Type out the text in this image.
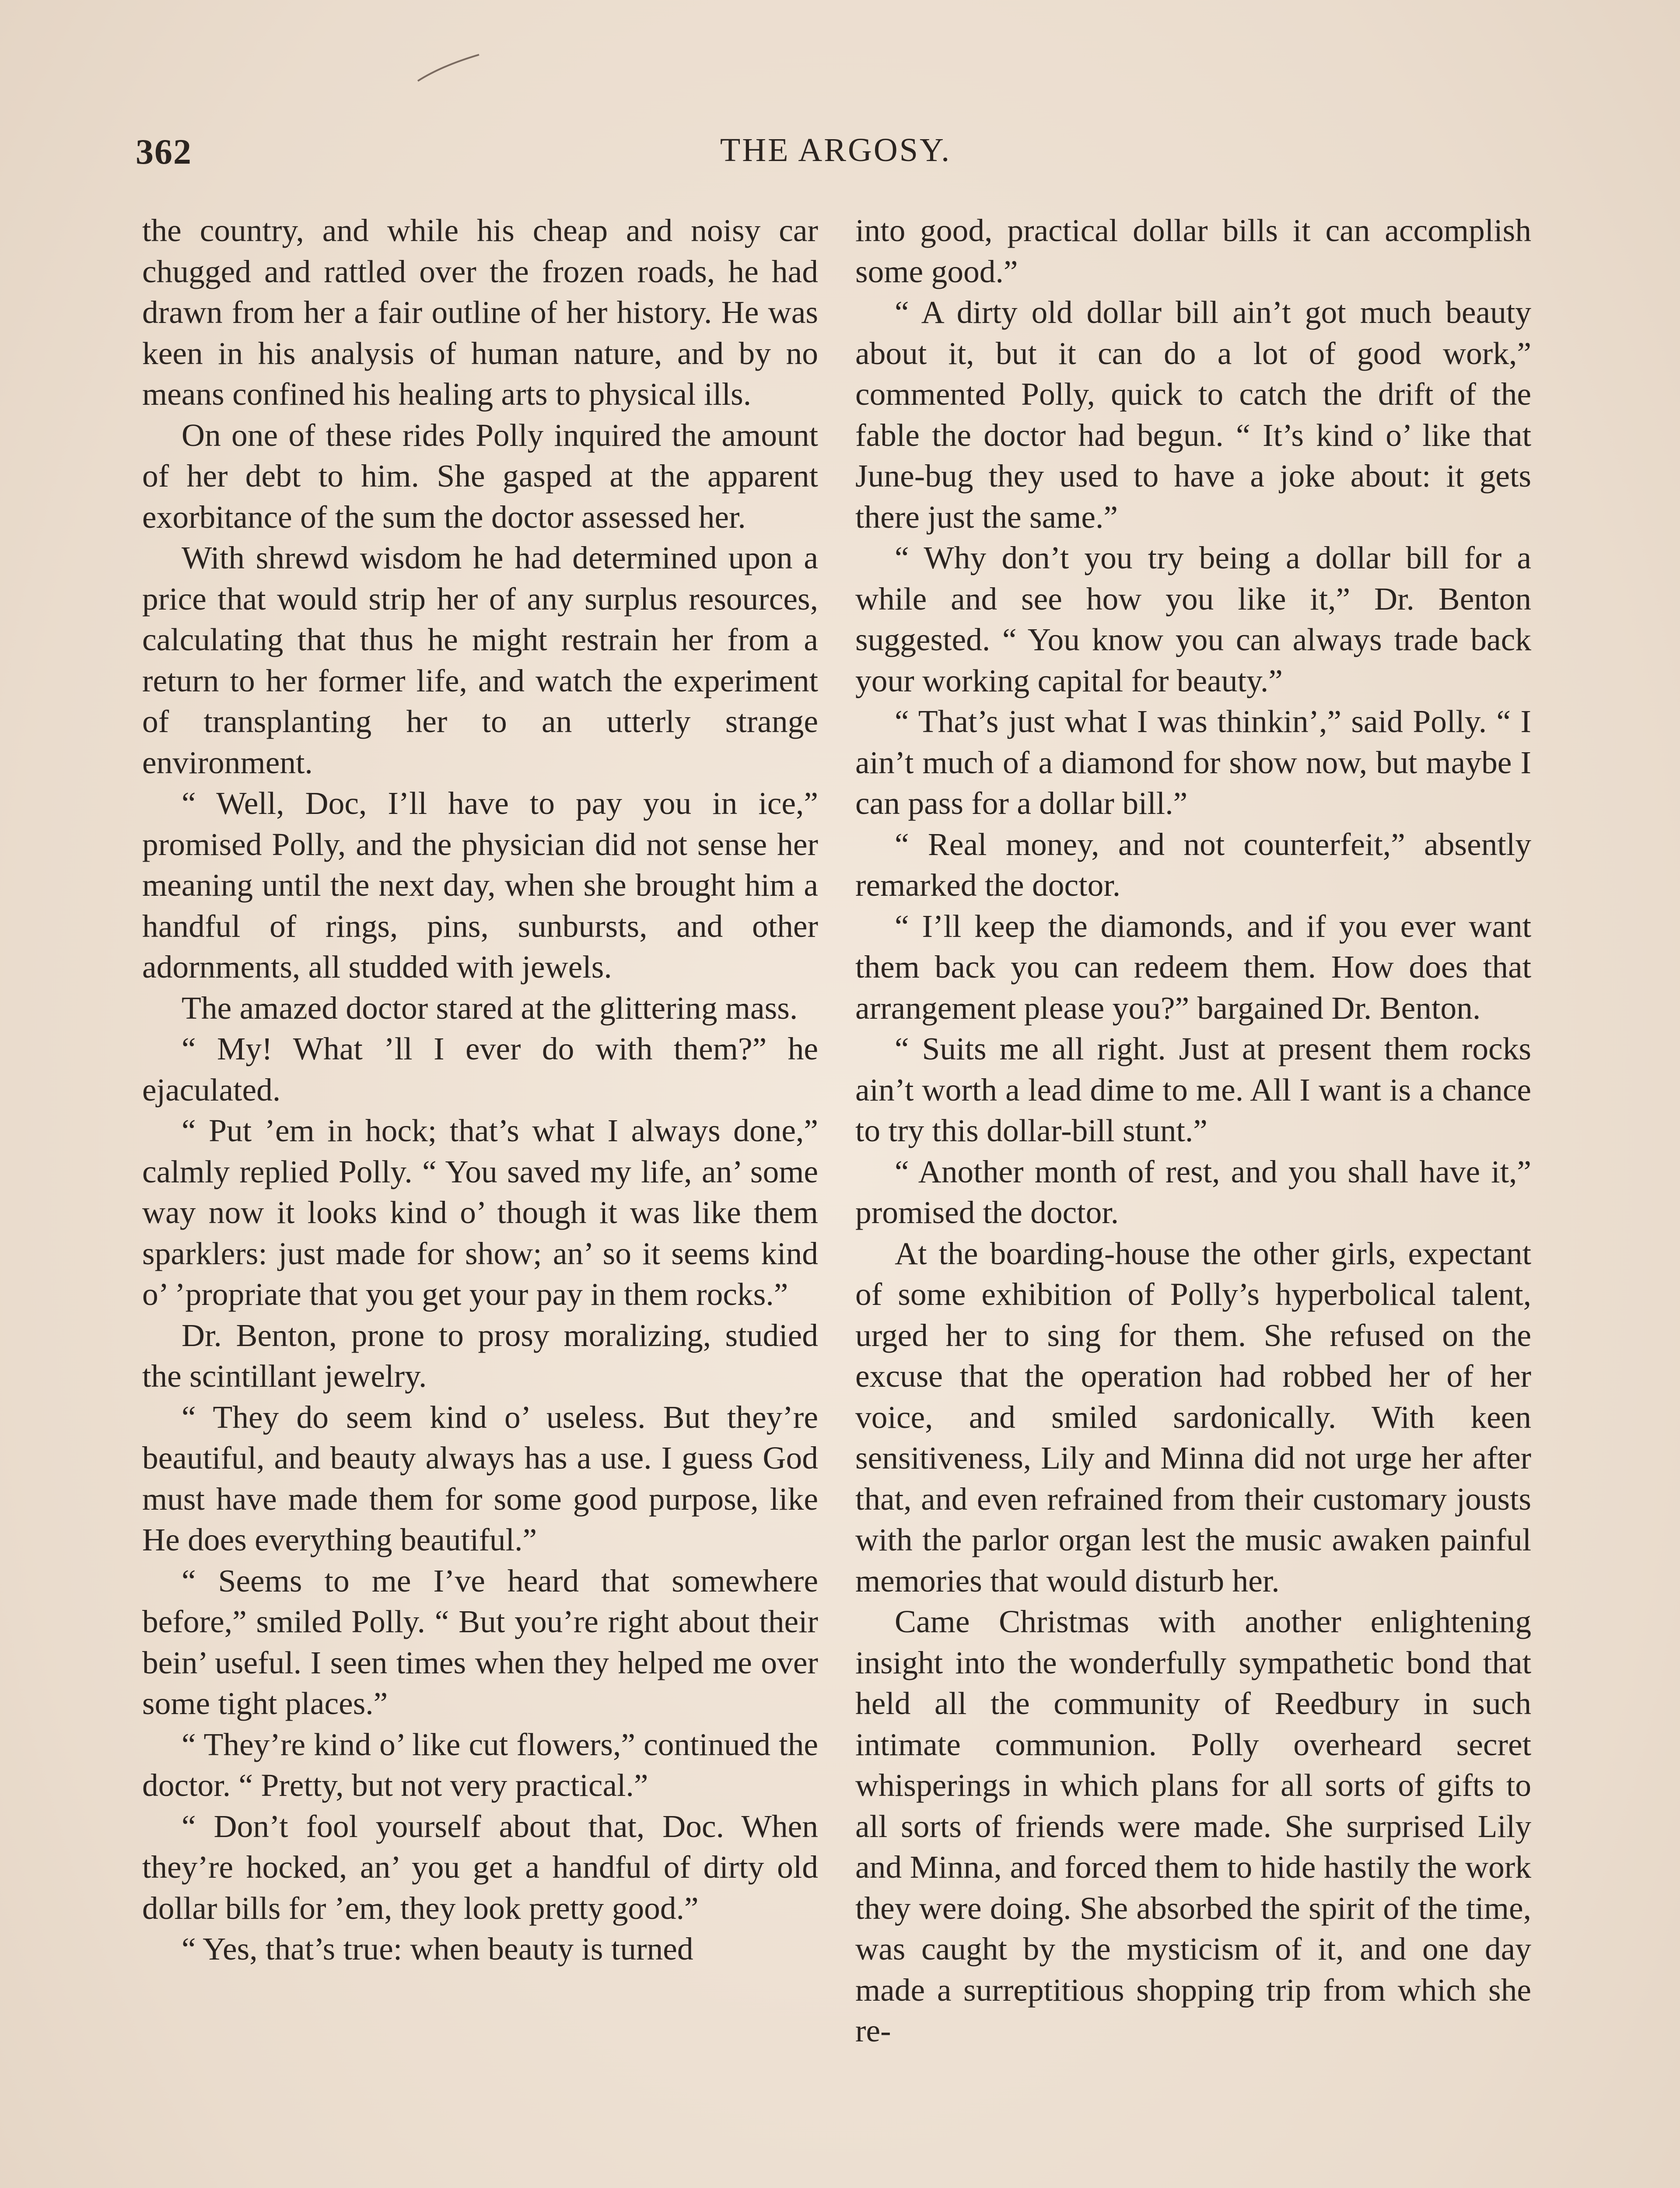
362	THE ARGOSY.

the country, and while his cheap and noisy car chugged and rattled over the frozen roads, he had drawn from her a fair outline of her history. He was keen in his analysis of human nature, and by no means confined his healing arts to physical ills.

On one of these rides Polly inquired the amount of her debt to him. She gasped at the apparent exorbitance of the sum the doctor assessed her.

With shrewd wisdom he had determined upon a price that would strip her of any surplus resources, calculating that thus he might restrain her from a return to her former life, and watch the experiment of transplanting her to an utterly strange environment.

“ Well, Doc, I’ll have to pay you in ice,” promised Polly, and the physician did not sense her meaning until the next day, when she brought him a handful of rings, pins, sunbursts, and other adornments, all studded with jewels.

The amazed doctor stared at the glittering mass.

“ My! What ’ll I ever do with them?” he ejaculated.

“ Put ’em in hock; that’s what I always done,” calmly replied Polly. “ You saved my life, an’ some way now it looks kind o’ though it was like them sparklers: just made for show; an’ so it seems kind o’ ’propriate that you get your pay in them rocks.”

Dr. Benton, prone to prosy moralizing, studied the scintillant jewelry.

“ They do seem kind o’ useless. But they’re beautiful, and beauty always has a use. I guess God must have made them for some good purpose, like He does everything beautiful.”

“ Seems to me I’ve heard that somewhere before,” smiled Polly. “ But you’re right about their bein’ useful. I seen times when they helped me over some tight places.”

“ They’re kind o’ like cut flowers,” continued the doctor. “ Pretty, but not very practical.”

“ Don’t fool yourself about that, Doc. When they’re hocked, an’ you get a handful of dirty old dollar bills for ’em, they look pretty good.”

“ Yes, that’s true: when beauty is turned

into good, practical dollar bills it can accomplish some good.”

“ A dirty old dollar bill ain’t got much beauty about it, but it can do a lot of good work,” commented Polly, quick to catch the drift of the fable the doctor had begun. “ It’s kind o’ like that June-bug they used to have a joke about: it gets there just the same.”

“ Why don’t you try being a dollar bill for a while and see how you like it,” Dr. Benton suggested. “ You know you can always trade back your working capital for beauty.”

“ That’s just what I was thinkin’,” said Polly. “ I ain’t much of a diamond for show now, but maybe I can pass for a dollar bill.”

“ Real money, and not counterfeit,” absently remarked the doctor.

“ I’ll keep the diamonds, and if you ever want them back you can redeem them. How does that arrangement please you?” bargained Dr. Benton.

“ Suits me all right. Just at present them rocks ain’t worth a lead dime to me. All I want is a chance to try this dollar-bill stunt.”

“ Another month of rest, and you shall have it,” promised the doctor.

At the boarding-house the other girls, expectant of some exhibition of Polly’s hyperbolical talent, urged her to sing for them. She refused on the excuse that the operation had robbed her of her voice, and smiled sardonically. With keen sensitiveness, Lily and Minna did not urge her after that, and even refrained from their customary jousts with the parlor organ lest the music awaken painful memories that would disturb her.

Came Christmas with another enlightening insight into the wonderfully sympathetic bond that held all the community of Reedbury in such intimate communion. Polly overheard secret whisperings in which plans for all sorts of gifts to all sorts of friends were made. She surprised Lily and Minna, and forced them to hide hastily the work they were doing. She absorbed the spirit of the time, was caught by the mysticism of it, and one day made a surreptitious shopping trip from which she re-
